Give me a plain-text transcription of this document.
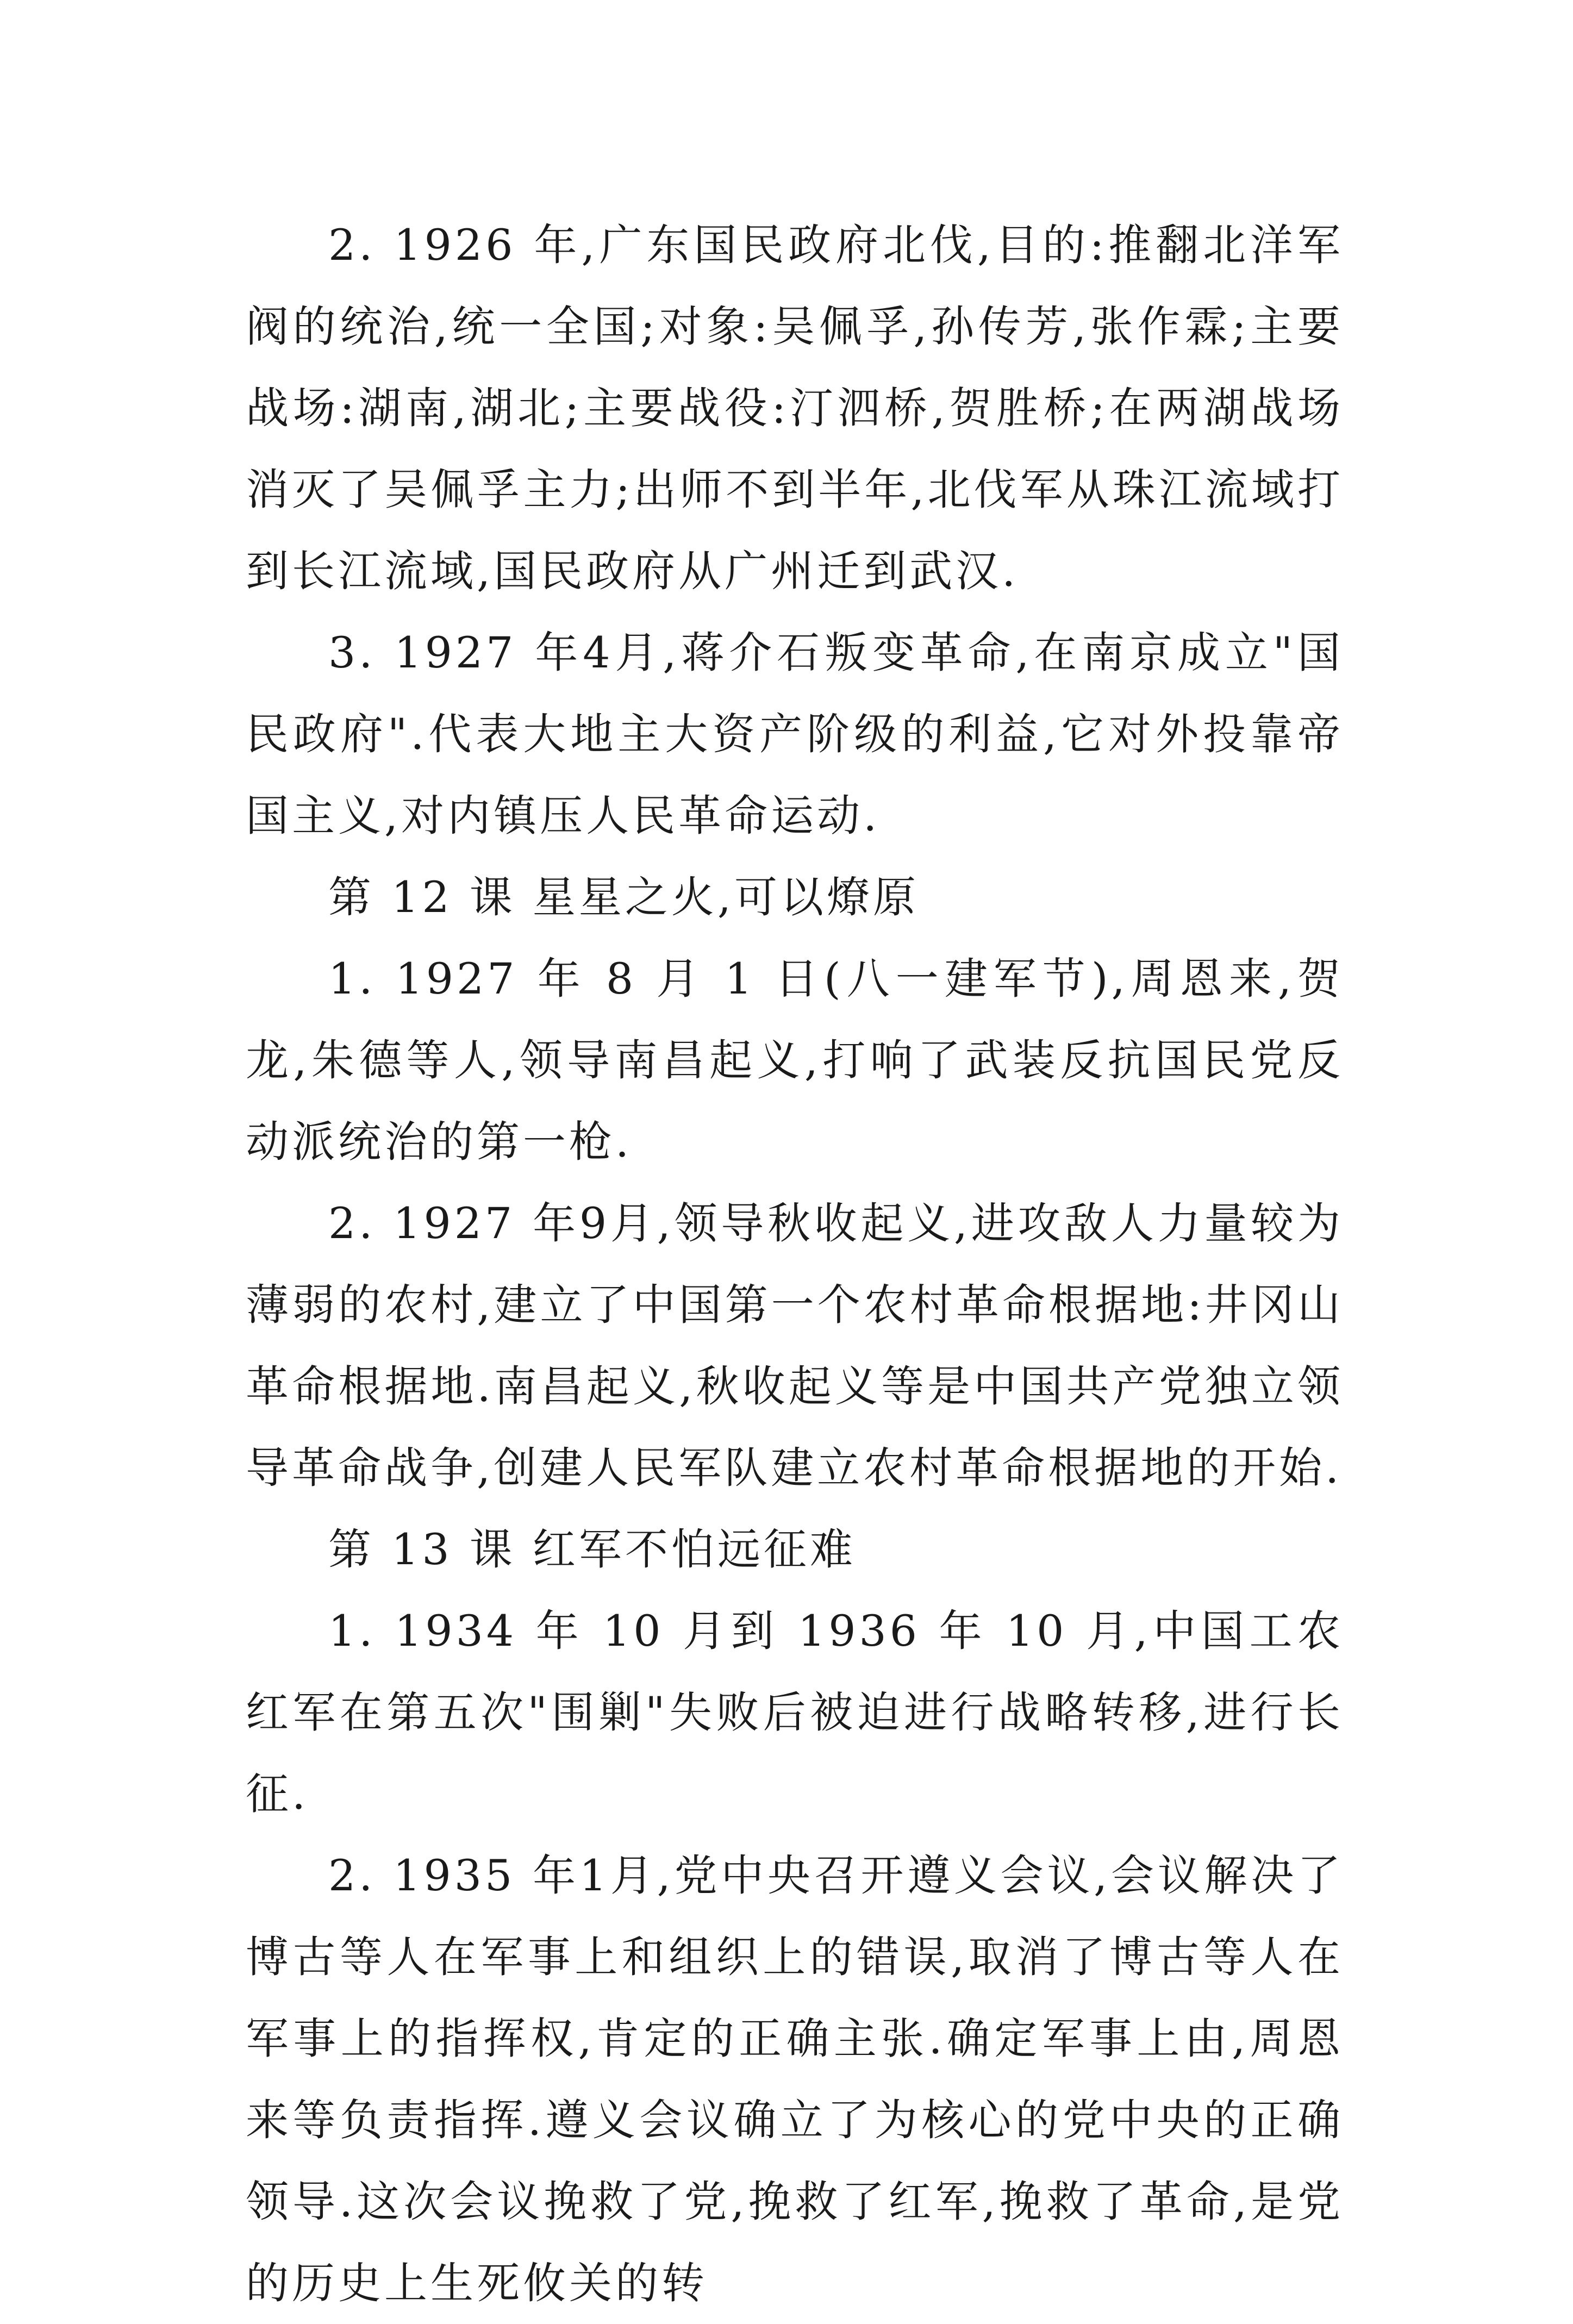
2. 1926 年,广东国民政府北伐,目的:推翻北洋军阀的统治,统一全国;对象:吴佩孚,孙传芳,张作霖;主要战场:湖南,湖北;主要战役:汀泗桥,贺胜桥;在两湖战场消灭了吴佩孚主力;出师不到半年,北伐军从珠江流域打到长江流域,国民政府从广州迁到武汉.

3. 1927 年4月,蒋介石叛变革命,在南京成立"国民政府".代表大地主大资产阶级的利益,它对外投靠帝国主义,对内镇压人民革命运动.

第 12 课 星星之火,可以燎原

1. 1927 年 8 月 1 日(八一建军节),周恩来,贺龙,朱德等人,领导南昌起义,打响了武装反抗国民党反动派统治的第一枪.

2. 1927 年9月,领导秋收起义,进攻敌人力量较为薄弱的农村,建立了中国第一个农村革命根据地:井冈山革命根据地.南昌起义,秋收起义等是中国共产党独立领导革命战争,创建人民军队建立农村革命根据地的开始.

第 13 课 红军不怕远征难

1. 1934 年 10 月到 1936 年 10 月,中国工农红军在第五次"围剿"失败后被迫进行战略转移,进行长征.

2. 1935 年1月,党中央召开遵义会议,会议解决了博古等人在军事上和组织上的错误,取消了博古等人在军事上的指挥权,肯定的正确主张.确定军事上由,周恩来等负责指挥.遵义会议确立了为核心的党中央的正确领导.这次会议挽救了党,挽救了红军,挽救了革命,是党的历史上生死攸关的转
